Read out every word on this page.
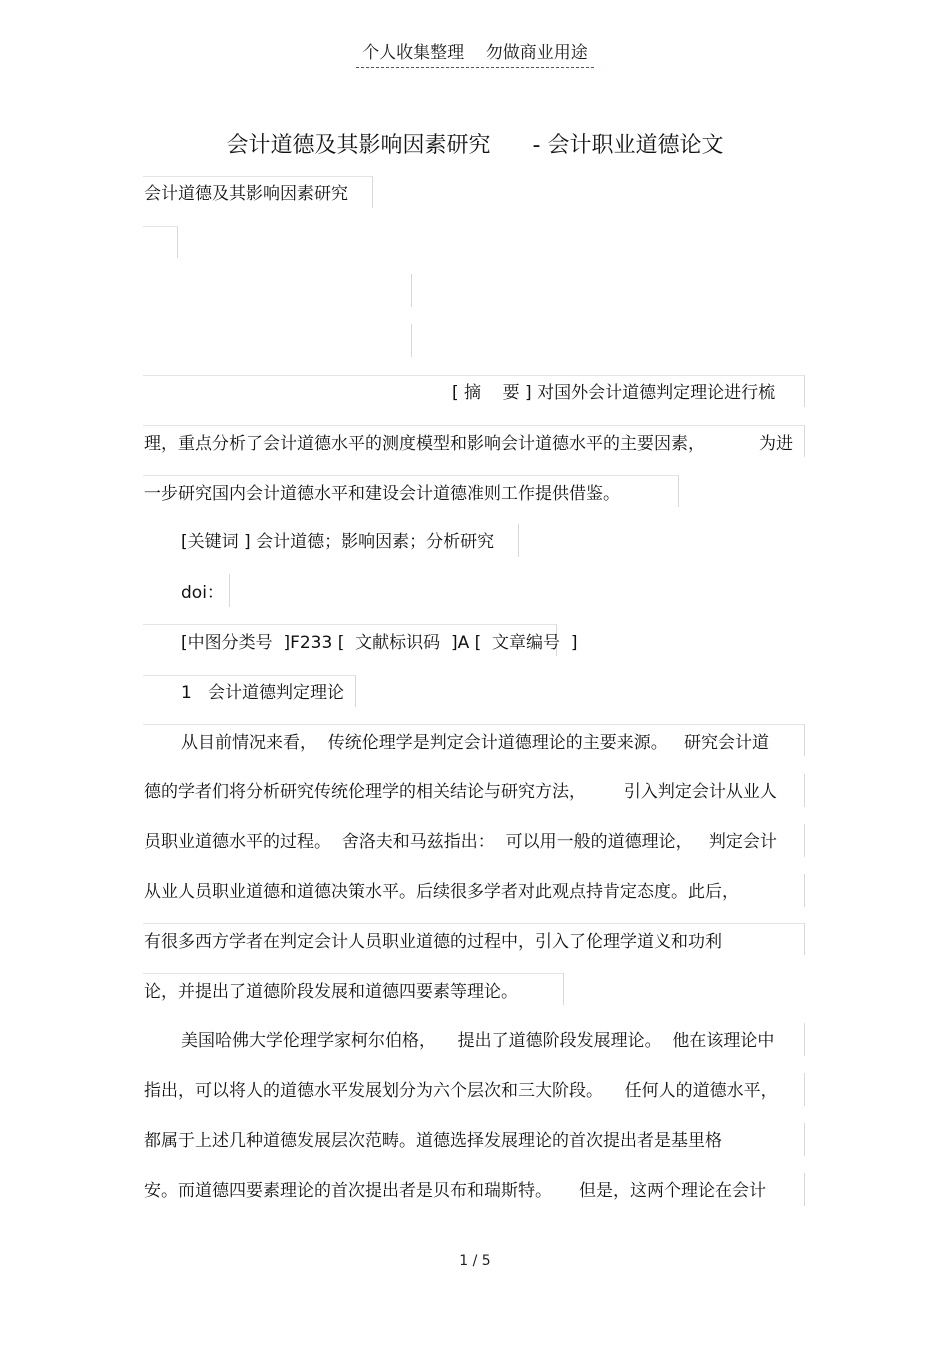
个人收集整理    勿做商业用途
会计道德及其影响因素研究      - 会计职业道德论文
会计道德及其影响因素研究
[ 摘    要 ] 对国外会计道德判定理论进行梳
理，重点分析了会计道德水平的测度模型和影响会计道德水平的主要因素，          为进
一步研究国内会计道德水平和建设会计道德准则工作提供借鉴。
[关键词 ] 会计道德；影响因素；分析研究
doi：
[中图分类号  ]F233 [  文献标识码  ]A [  文章编号  ]
1   会计道德判定理论
从目前情况来看，  传统伦理学是判定会计道德理论的主要来源。   研究会计道
德的学者们将分析研究传统伦理学的相关结论与研究方法，       引入判定会计从业人
员职业道德水平的过程。  舍洛夫和马兹指出：  可以用一般的道德理论，   判定会计
从业人员职业道德和道德决策水平。后续很多学者对此观点持肯定态度。此后，
有很多西方学者在判定会计人员职业道德的过程中，引入了伦理学道义和功利
论，并提出了道德阶段发展和道德四要素等理论。
美国哈佛大学伦理学家柯尔伯格，    提出了道德阶段发展理论。  他在该理论中
指出，可以将人的道德水平发展划分为六个层次和三大阶段。    任何人的道德水平，
都属于上述几种道德发展层次范畴。道德选择发展理论的首次提出者是基里格
安。而道德四要素理论的首次提出者是贝布和瑞斯特。     但是，这两个理论在会计
1 / 5
